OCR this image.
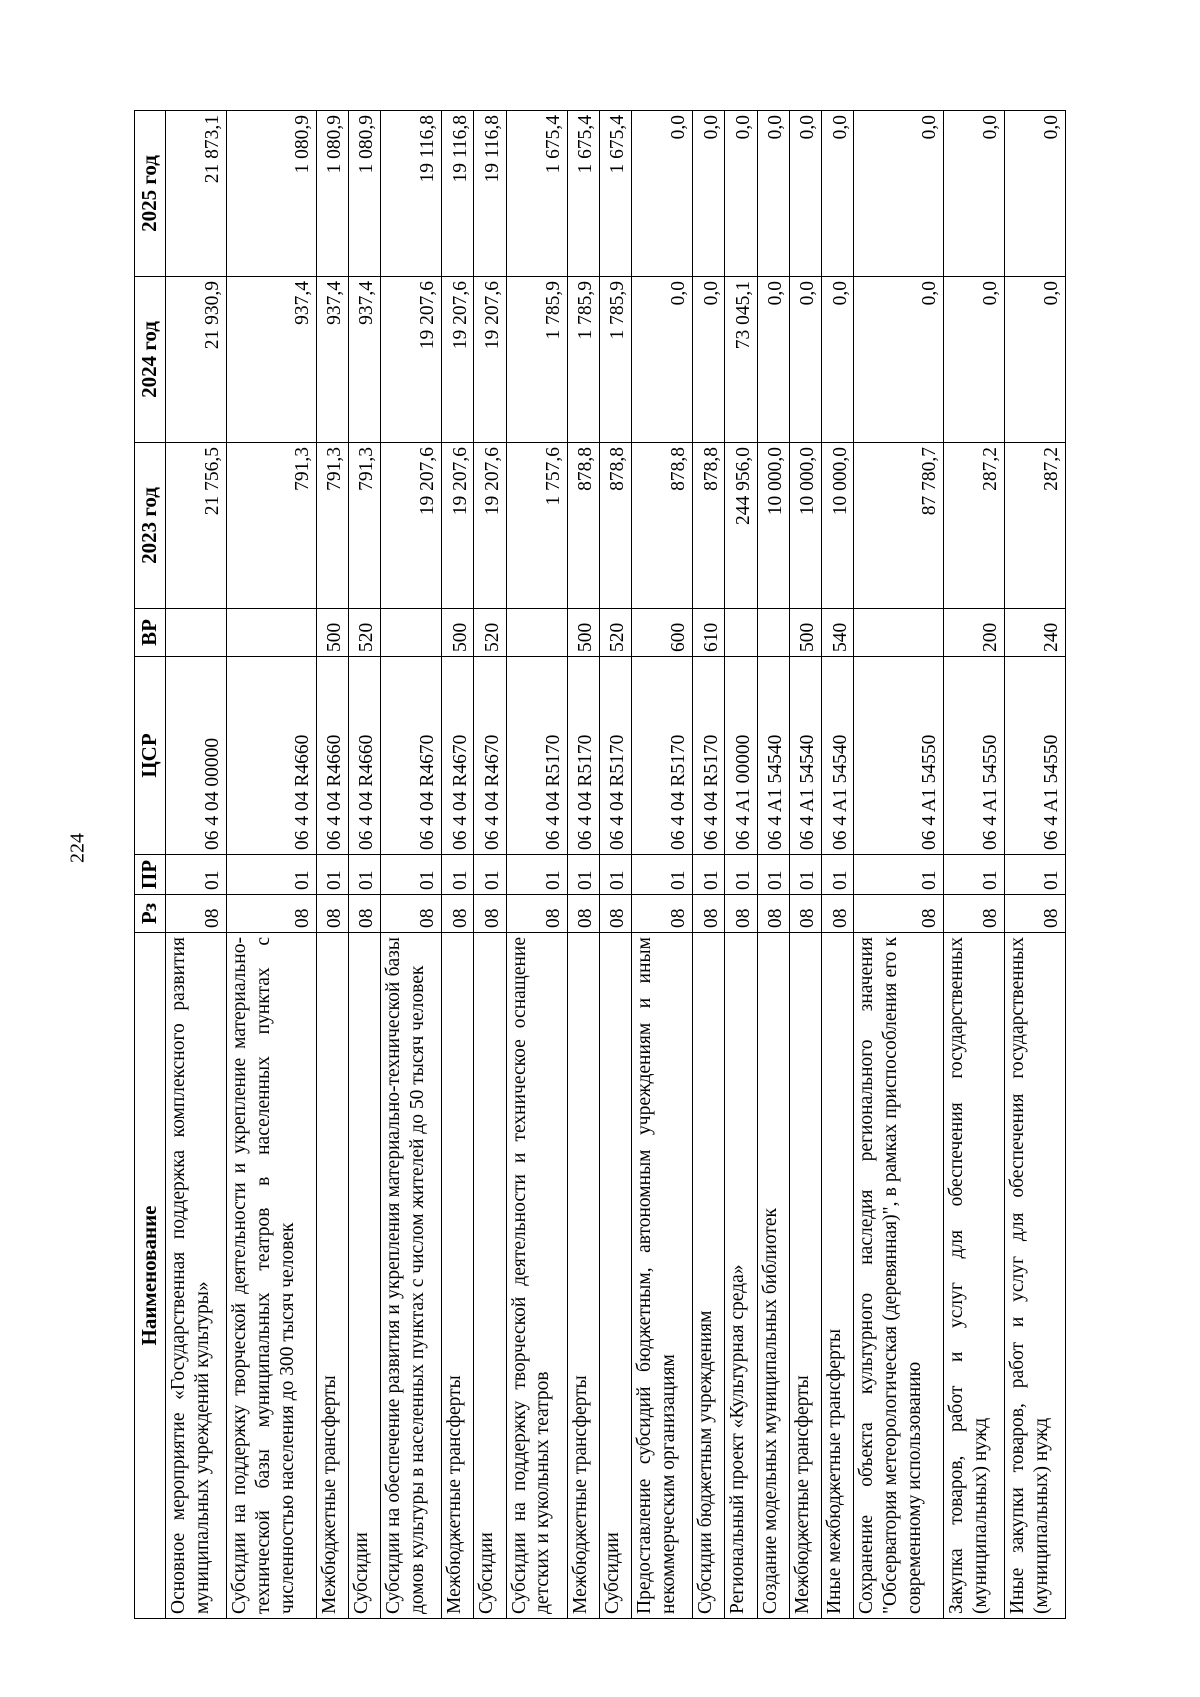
224
Наименование	Рз	ПР	ЦСР	ВР	2023 год	2024 год	2025 год
Основное мероприятие «Государственная поддержка комплексного развития муниципальных учреждений культуры»	08	01	06 4 04 00000		21 756,5	21 930,9	21 873,1
Субсидии на поддержку творческой деятельности и укрепление материально-технической базы муниципальных театров в населенных пунктах с численностью населения до 300 тысяч человек	08	01	06 4 04 R4660		791,3	937,4	1 080,9
Межбюджетные трансферты	08	01	06 4 04 R4660	500	791,3	937,4	1 080,9
Субсидии	08	01	06 4 04 R4660	520	791,3	937,4	1 080,9
Субсидии на обеспечение развития и укрепления материально-технической базы домов культуры в населенных пунктах с числом жителей до 50 тысяч человек	08	01	06 4 04 R4670		19 207,6	19 207,6	19 116,8
Межбюджетные трансферты	08	01	06 4 04 R4670	500	19 207,6	19 207,6	19 116,8
Субсидии	08	01	06 4 04 R4670	520	19 207,6	19 207,6	19 116,8
Субсидии на поддержку творческой деятельности и техническое оснащение детских и кукольных театров	08	01	06 4 04 R5170		1 757,6	1 785,9	1 675,4
Межбюджетные трансферты	08	01	06 4 04 R5170	500	878,8	1 785,9	1 675,4
Субсидии	08	01	06 4 04 R5170	520	878,8	1 785,9	1 675,4
Предоставление субсидий бюджетным, автономным учреждениям и иным некоммерческим организациям	08	01	06 4 04 R5170	600	878,8	0,0	0,0
Субсидии бюджетным учреждениям	08	01	06 4 04 R5170	610	878,8	0,0	0,0
Региональный проект «Культурная среда»	08	01	06 4 A1 00000		244 956,0	73 045,1	0,0
Создание модельных муниципальных библиотек	08	01	06 4 A1 54540		10 000,0	0,0	0,0
Межбюджетные трансферты	08	01	06 4 A1 54540	500	10 000,0	0,0	0,0
Иные межбюджетные трансферты	08	01	06 4 A1 54540	540	10 000,0	0,0	0,0
Сохранение объекта культурного наследия регионального значения "Обсерватория метеорологическая (деревянная)", в рамках приспособления его к современному использованию	08	01	06 4 A1 54550		87 780,7	0,0	0,0
Закупка товаров, работ и услуг для обеспечения государственных (муниципальных) нужд	08	01	06 4 A1 54550	200	287,2	0,0	0,0
Иные закупки товаров, работ и услуг для обеспечения государственных (муниципальных) нужд	08	01	06 4 A1 54550	240	287,2	0,0	0,0
